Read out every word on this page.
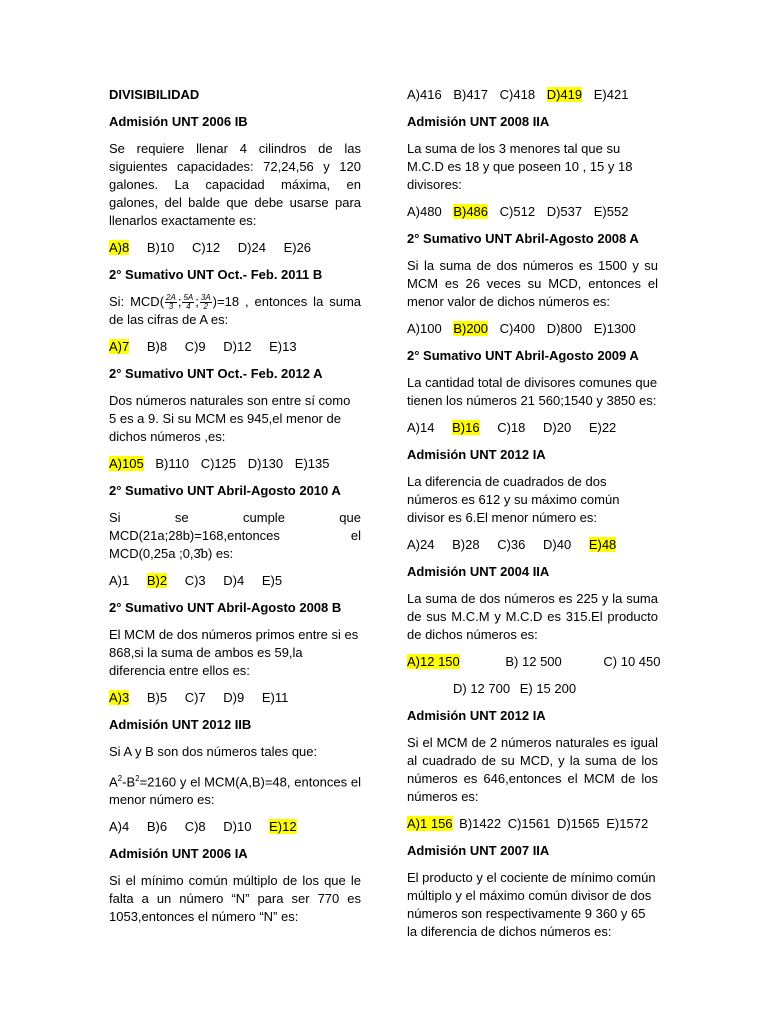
DIVISIBILIDAD
Admisión UNT 2006 IB
Se requiere llenar 4 cilindros de las siguientes capacidades: 72,24,56 y 120 galones. La capacidad máxima, en galones, del balde que debe usarse para llenarlos exactamente es:
A)8 B)10 C)12 D)24 E)26
2° Sumativo UNT Oct.- Feb. 2011 B
Si: $MCD( \frac{2A}{3}$ ; $\frac{5A}{4}$ ; $\frac{3A}{2} )=18$ , entonces la suma de las cifras de A es:
A)7 B)8 C)9 D)12 E)13
2° Sumativo UNT Oct.- Feb. 2012 A
Dos números naturales son entre sí como 5 es a 9. Si su MCM es 945,el menor de dichos números ,es:
A)105 B)110 C)125 D)130 E)135
2° Sumativo UNT Abril-Agosto 2010 A
Si se cumple que MCD(21a;28b)=168,entonces el MCD(0,25a ;0,3̂b) es:
A)1 B)2 C)3 D)4 E)5
2° Sumativo UNT Abril-Agosto 2008 B
El MCM de dos números primos entre si es 868,si la suma de ambos es 59,la diferencia entre ellos es:
A)3 B)5 C)7 D)9 E)11
Admisión UNT 2012 IIB
Si A y B son dos números tales que:
$A^2-B^2=2160$ y el MCM(A,B)=48, entonces el menor número es:
A)4 B)6 C)8 D)10 E)12
Admisión UNT 2006 IA
Si el mínimo común múltiplo de los que le falta a un número “N” para ser 770 es 1053,entonces el número “N” es:
A)416 B)417 C)418 D)419 E)421
Admisión UNT 2008 IIA
La suma de los 3 menores tal que su M.C.D es 18 y que poseen 10 , 15 y 18 divisores:
A)480 B)486 C)512 D)537 E)552
2° Sumativo UNT Abril-Agosto 2008 A
Si la suma de dos números es 1500 y su MCM es 26 veces su MCD, entonces el menor valor de dichos números es:
A)100 B)200 C)400 D)800 E)1300
2° Sumativo UNT Abril-Agosto 2009 A
La cantidad total de divisores comunes que tienen los números 21 560;1540 y 3850 es:
A)14 B)16 C)18 D)20 E)22
Admisión UNT 2012 IA
La diferencia de cuadrados de dos números es 612 y su máximo común divisor es 6.El menor número es:
A)24 B)28 C)36 D)40 E)48
Admisión UNT 2004 IIA
La suma de dos números es 225 y la suma de sus M.C.M y M.C.D es 315.El producto de dichos números es:
A)12 150	B) 12 500	C) 10 450
D) 12 700 E) 15 200
Admisión UNT 2012 IA
Si el MCM de 2 números naturales es igual al cuadrado de su MCD, y la suma de los números es 646,entonces el MCM de los números es:
A)1 156 B)1422 C)1561 D)1565 E)1572
Admisión UNT 2007 IIA
El producto y el cociente de mínimo común múltiplo y el máximo común divisor de dos números son respectivamente 9 360 y 65 la diferencia de dichos números es:
